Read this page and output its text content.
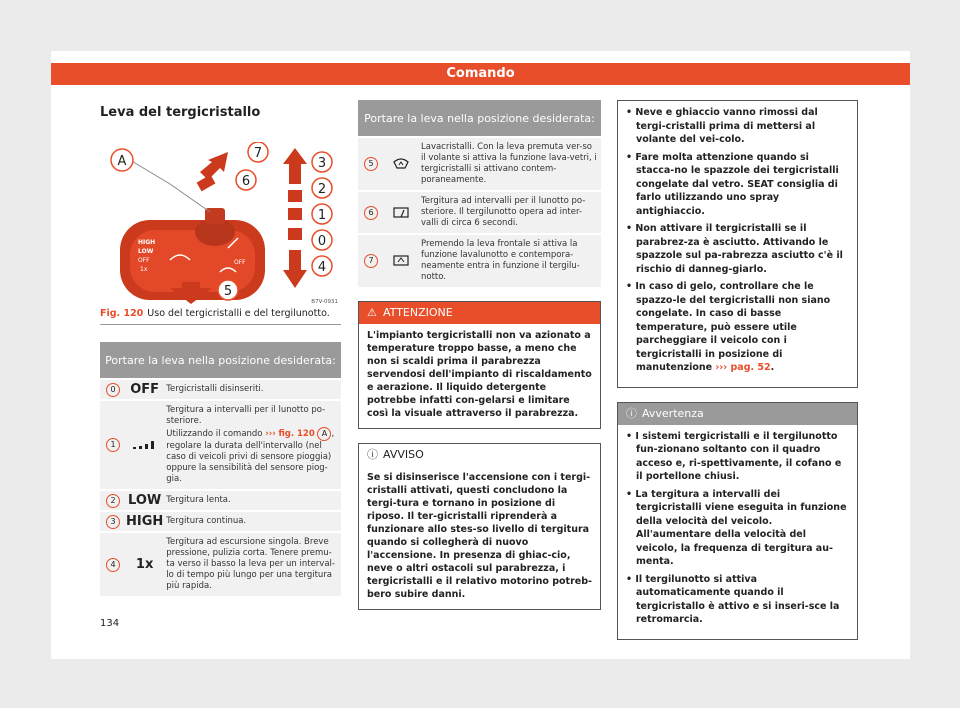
Comando
Leva del tergicristallo
HIGH
LOW
OFF
1x
OFF
A
7
6
3
2
1
0
4
5
B7V-0931
Fig. 120 Uso del tergicristalli e del tergilunotto.
Portare la leva nella posizione desiderata:		
0	OFF	Tergicristalli disinseriti.
1		Tergitura a intervalli per il lunotto po-steriore.
Utilizzando il comando ››› fig. 120 A , regolare la durata dell'intervallo (nel caso di veicoli privi di sensore pioggia) oppure la sensibilità del sensore piog-gia.
2	LOW	Tergitura lenta.
3	HIGH	Tergitura continua.
4	1x	Tergitura ad escursione singola. Breve pressione, pulizia corta. Tenere premu-ta verso il basso la leva per un interval-lo di tempo più lungo per una tergitura più rapida.
Portare la leva nella posizione desiderata:		
5		Lavacristalli. Con la leva premuta ver-so il volante si attiva la funzione lava-vetri, i tergicristalli si attivano contem-poraneamente.
6		Tergitura ad intervalli per il lunotto po-steriore. Il tergilunotto opera ad inter-valli di circa 6 secondi.
7		Premendo la leva frontale si attiva la funzione lavalunotto e contempora-neamente entra in funzione il tergilu-notto.
⚠ ATTENZIONE
L'impianto tergicristalli non va azionato a temperature troppo basse, a meno che non si scaldi prima il parabrezza servendosi dell'impianto di riscaldamento e aerazione. Il liquido detergente potrebbe infatti con-gelarsi e limitare così la visuale attraverso il parabrezza.
ⓘ AVVISO
Se si disinserisce l'accensione con i tergi-cristalli attivati, questi concludono la tergi-tura e tornano in posizione di riposo. Il ter-gicristalli riprenderà a funzionare allo stes-so livello di tergitura quando si collegherà di nuovo l'accensione. In presenza di ghiac-cio, neve o altri ostacoli sul parabrezza, i tergicristalli e il relativo motorino potreb-bero subire danni.
• Neve e ghiaccio vanno rimossi dal tergi-cristalli prima di mettersi al volante del vei-colo.
• Fare molta attenzione quando si stacca-no le spazzole dei tergicristalli congelate dal vetro. SEAT consiglia di farlo utilizzando uno spray antighiaccio.
• Non attivare il tergicristalli se il parabrez-za è asciutto. Attivando le spazzole sul pa-rabrezza asciutto c'è il rischio di danneg-giarlo.
• In caso di gelo, controllare che le spazzo-le del tergicristalli non siano congelate. In caso di basse temperature, può essere utile parcheggiare il veicolo con i tergicristalli in posizione di manutenzione ››› pag. 52.
ⓘ Avvertenza
• I sistemi tergicristalli e il tergilunotto fun-zionano soltanto con il quadro acceso e, ri-spettivamente, il cofano e il portellone chiusi.
• La tergitura a intervalli dei tergicristalli viene eseguita in funzione della velocità del veicolo. All'aumentare della velocità del veicolo, la frequenza di tergitura au-menta.
• Il tergilunotto si attiva automaticamente quando il tergicristallo è attivo e si inseri-sce la retromarcia.
134
